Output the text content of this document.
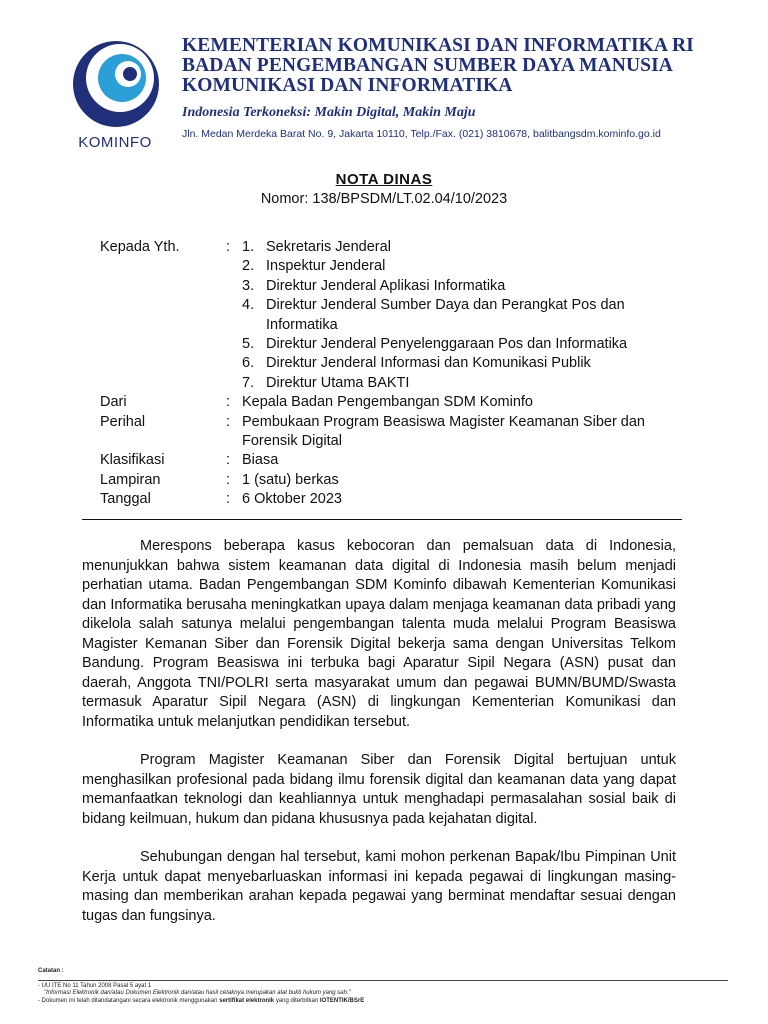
KOMINFO
KEMENTERIAN KOMUNIKASI DAN INFORMATIKA RI
BADAN PENGEMBANGAN SUMBER DAYA MANUSIA
KOMUNIKASI DAN INFORMATIKA
Indonesia Terkoneksi: Makin Digital, Makin Maju
Jln. Medan Merdeka Barat No. 9, Jakarta 10110, Telp./Fax. (021) 3810678, balitbangsdm.kominfo.go.id
NOTA DINAS
Nomor: 138/BPSDM/LT.02.04/10/2023
Kepada Yth.	: 1. Sekretaris Jenderal
2. Inspektur Jenderal
3. Direktur Jenderal Aplikasi Informatika
4. Direktur Jenderal Sumber Daya dan Perangkat Pos dan Informatika
5. Direktur Jenderal Penyelenggaraan Pos dan Informatika
6. Direktur Jenderal Informasi dan Komunikasi Publik
7. Direktur Utama BAKTI
Dari	: Kepala Badan Pengembangan SDM Kominfo
Perihal	: Pembukaan Program Beasiswa Magister Keamanan Siber dan Forensik Digital
Klasifikasi	: Biasa
Lampiran	: 1 (satu) berkas
Tanggal	: 6 Oktober 2023

Merespons beberapa kasus kebocoran dan pemalsuan data di Indonesia, menunjukkan bahwa sistem keamanan data digital di Indonesia masih belum menjadi perhatian utama. Badan Pengembangan SDM Kominfo dibawah Kementerian Komunikasi dan Informatika berusaha meningkatkan upaya dalam menjaga keamanan data pribadi yang dikelola salah satunya melalui pengembangan talenta muda melalui Program Beasiswa Magister Kemanan Siber dan Forensik Digital bekerja sama dengan Universitas Telkom Bandung. Program Beasiswa ini terbuka bagi Aparatur Sipil Negara (ASN) pusat dan daerah, Anggota TNI/POLRI serta masyarakat umum dan pegawai BUMN/BUMD/Swasta termasuk Aparatur Sipil Negara (ASN) di lingkungan Kementerian Komunikasi dan Informatika untuk melanjutkan pendidikan tersebut.

Program Magister Keamanan Siber dan Forensik Digital bertujuan untuk menghasilkan profesional pada bidang ilmu forensik digital dan keamanan data yang dapat memanfaatkan teknologi dan keahliannya untuk menghadapi permasalahan sosial baik di bidang keilmuan, hukum dan pidana khususnya pada kejahatan digital.

Sehubungan dengan hal tersebut, kami mohon perkenan Bapak/Ibu Pimpinan Unit Kerja untuk dapat menyebarluaskan informasi ini kepada pegawai di lingkungan masing-masing dan memberikan arahan kepada pegawai yang berminat mendaftar sesuai dengan tugas dan fungsinya.

Catatan :
- UU ITE No 11 Tahun 2008 Pasal 5 ayat 1
"Informasi Elektronik dan/atau Dokumen Elektronik dan/atau hasil cetaknya merupakan alat bukti hukum yang sah."
- Dokumen ini telah ditandatangani secara elektronik menggunakan sertifikat elektronik yang diterbitkan IOTENTIK/BSrE
